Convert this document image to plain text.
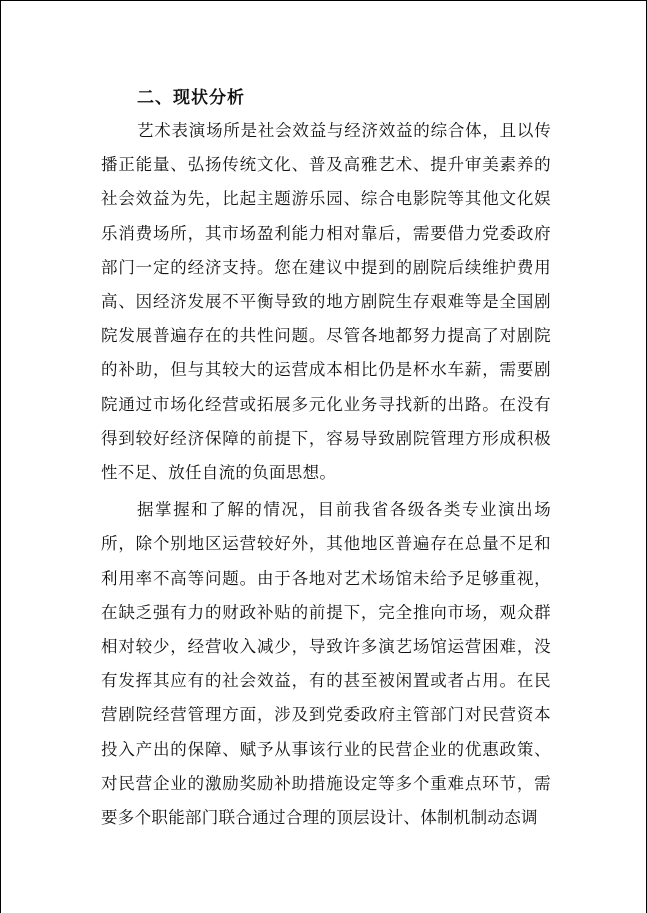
二、现状分析

艺术表演场所是社会效益与经济效益的综合体，且以传播正能量、弘扬传统文化、普及高雅艺术、提升审美素养的社会效益为先，比起主题游乐园、综合电影院等其他文化娱乐消费场所，其市场盈利能力相对靠后，需要借力党委政府部门一定的经济支持。您在建议中提到的剧院后续维护费用高、因经济发展不平衡导致的地方剧院生存艰难等是全国剧院发展普遍存在的共性问题。尽管各地都努力提高了对剧院的补助，但与其较大的运营成本相比仍是杯水车薪，需要剧院通过市场化经营或拓展多元化业务寻找新的出路。在没有得到较好经济保障的前提下，容易导致剧院管理方形成积极性不足、放任自流的负面思想。

据掌握和了解的情况，目前我省各级各类专业演出场所，除个别地区运营较好外，其他地区普遍存在总量不足和利用率不高等问题。由于各地对艺术场馆未给予足够重视，在缺乏强有力的财政补贴的前提下，完全推向市场，观众群相对较少，经营收入减少，导致许多演艺场馆运营困难，没有发挥其应有的社会效益，有的甚至被闲置或者占用。在民营剧院经营管理方面，涉及到党委政府主管部门对民营资本投入产出的保障、赋予从事该行业的民营企业的优惠政策、对民营企业的激励奖励补助措施设定等多个重难点环节，需要多个职能部门联合通过合理的顶层设计、体制机制动态调
